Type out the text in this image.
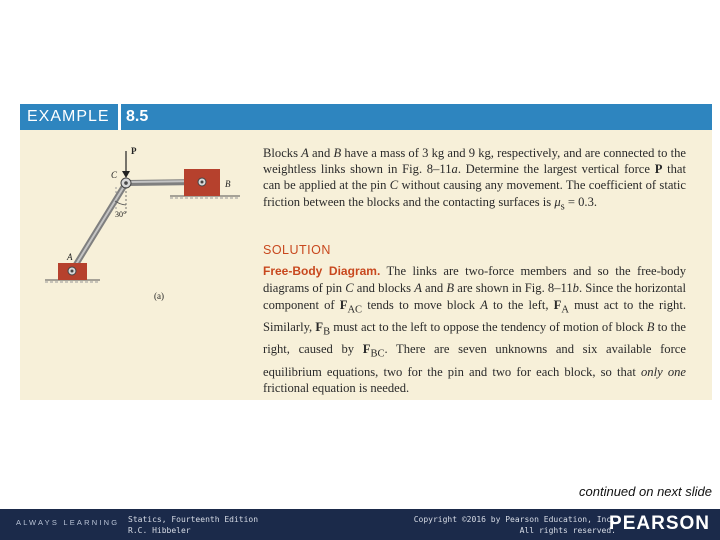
EXAMPLE 8.5
P
C
B
A
30°
(a)

Blocks A and B have a mass of 3 kg and 9 kg, respectively, and are connected to the weightless links shown in Fig. 8–11a. Determine the largest vertical force P that can be applied at the pin C without causing any movement. The coefficient of static friction between the blocks and the contacting surfaces is $\mu_s = 0.3$.

SOLUTION

Free-Body Diagram. The links are two-force members and so the free-body diagrams of pin C and blocks A and B are shown in Fig. 8–11b. Since the horizontal component of $F_{AC}$ tends to move block A to the left, $F_A$ must act to the right. Similarly, $F_B$ must act to the left to oppose the tendency of motion of block B to the right, caused by $F_{BC}$. There are seven unknowns and six available force equilibrium equations, two for the pin and two for each block, so that only one frictional equation is needed.

continued on next slide
ALWAYS LEARNING Statics, Fourteenth Edition
R.C. Hibbeler
Copyright ©2016 by Pearson Education, Inc.
All rights reserved.
PEARSON
